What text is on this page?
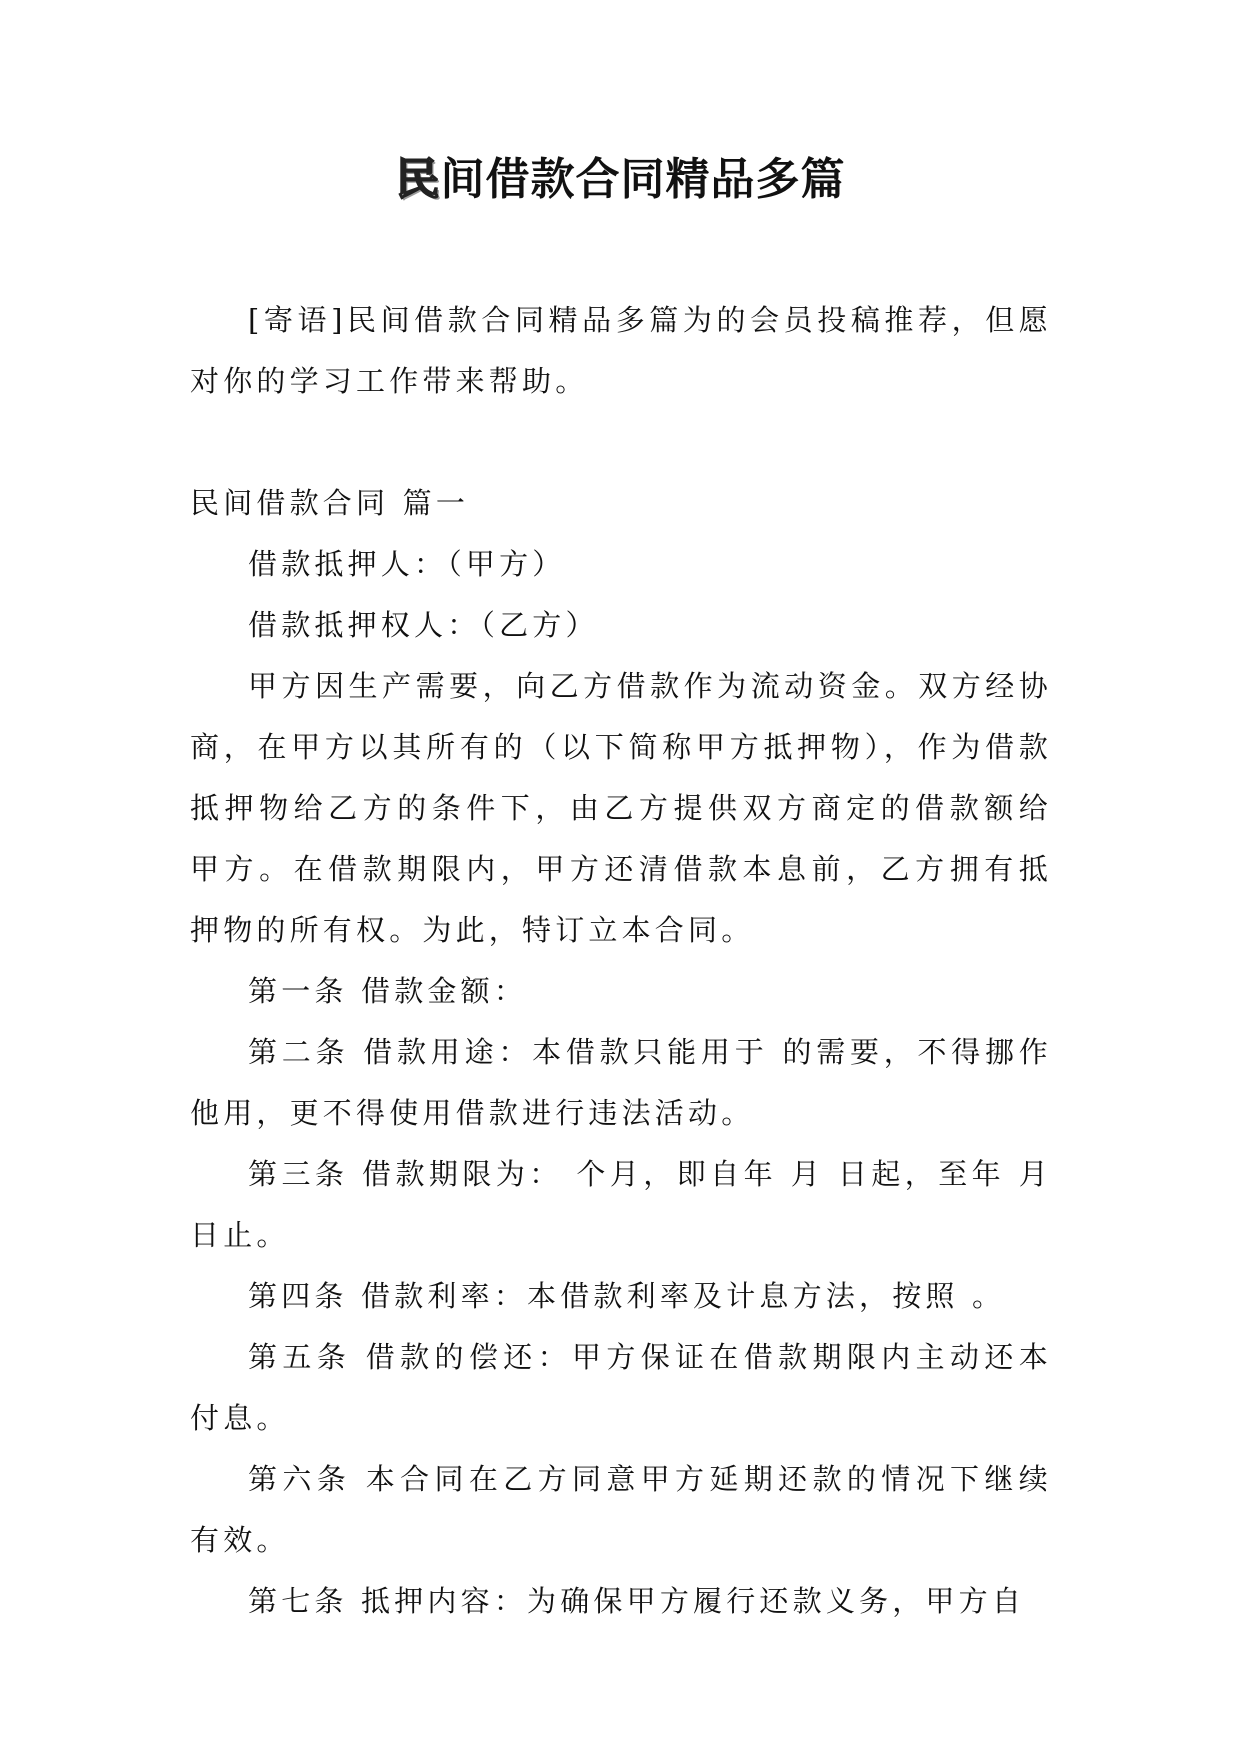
民间借款合同精品多篇

[寄语]民间借款合同精品多篇为的会员投稿推荐，但愿对你的学习工作带来帮助。

民间借款合同 篇一

借款抵押人：（甲方）

借款抵押权人：（乙方）

甲方因生产需要，向乙方借款作为流动资金。双方经协商，在甲方以其所有的（以下简称甲方抵押物），作为借款抵押物给乙方的条件下，由乙方提供双方商定的借款额给甲方。在借款期限内，甲方还清借款本息前，乙方拥有抵押物的所有权。为此，特订立本合同。

第一条 借款金额：

第二条 借款用途：本借款只能用于 的需要，不得挪作他用，更不得使用借款进行违法活动。

第三条 借款期限为： 个月，即自年 月 日起，至年 月 日止。

第四条 借款利率：本借款利率及计息方法，按照 。

第五条 借款的偿还：甲方保证在借款期限内主动还本付息。

第六条 本合同在乙方同意甲方延期还款的情况下继续有效。

第七条 抵押内容：为确保甲方履行还款义务，甲方自
